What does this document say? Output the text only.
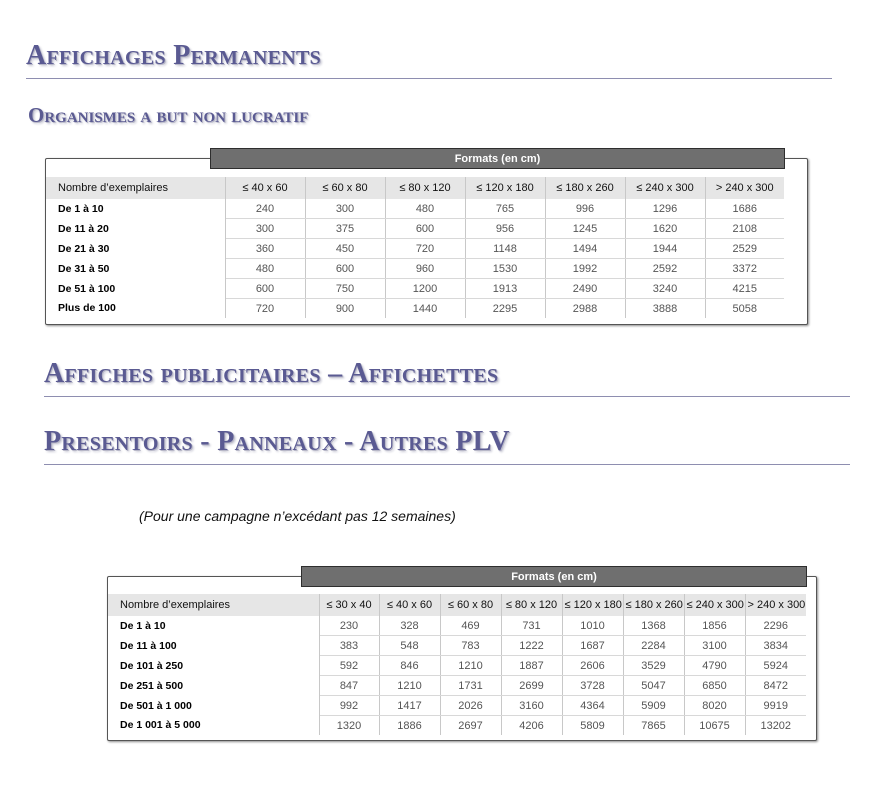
Affichages Permanents
Organismes a but non lucratif
Formats (en cm)
Nombre d’exemplaires	≤ 40 x 60	≤ 60 x 80	≤ 80 x 120	≤ 120 x 180	≤ 180 x 260	≤ 240 x 300	> 240 x 300
De 1 à 10	240	300	480	765	996	1296	1686
De 11 à 20	300	375	600	956	1245	1620	2108
De 21 à 30	360	450	720	1148	1494	1944	2529
De 31 à 50	480	600	960	1530	1992	2592	3372
De 51 à 100	600	750	1200	1913	2490	3240	4215
Plus de 100	720	900	1440	2295	2988	3888	5058
Affiches publicitaires – Affichettes
Presentoirs - Panneaux - Autres PLV
(Pour une campagne n’excédant pas 12 semaines)
Formats (en cm)
Nombre d’exemplaires	≤ 30 x 40	≤ 40 x 60	≤ 60 x 80	≤ 80 x 120	≤ 120 x 180	≤ 180 x 260	≤ 240 x 300	> 240 x 300
De 1 à 10	230	328	469	731	1010	1368	1856	2296
De 11 à 100	383	548	783	1222	1687	2284	3100	3834
De 101 à 250	592	846	1210	1887	2606	3529	4790	5924
De 251 à 500	847	1210	1731	2699	3728	5047	6850	8472
De 501 à 1 000	992	1417	2026	3160	4364	5909	8020	9919
De 1 001 à 5 000	1320	1886	2697	4206	5809	7865	10675	13202
